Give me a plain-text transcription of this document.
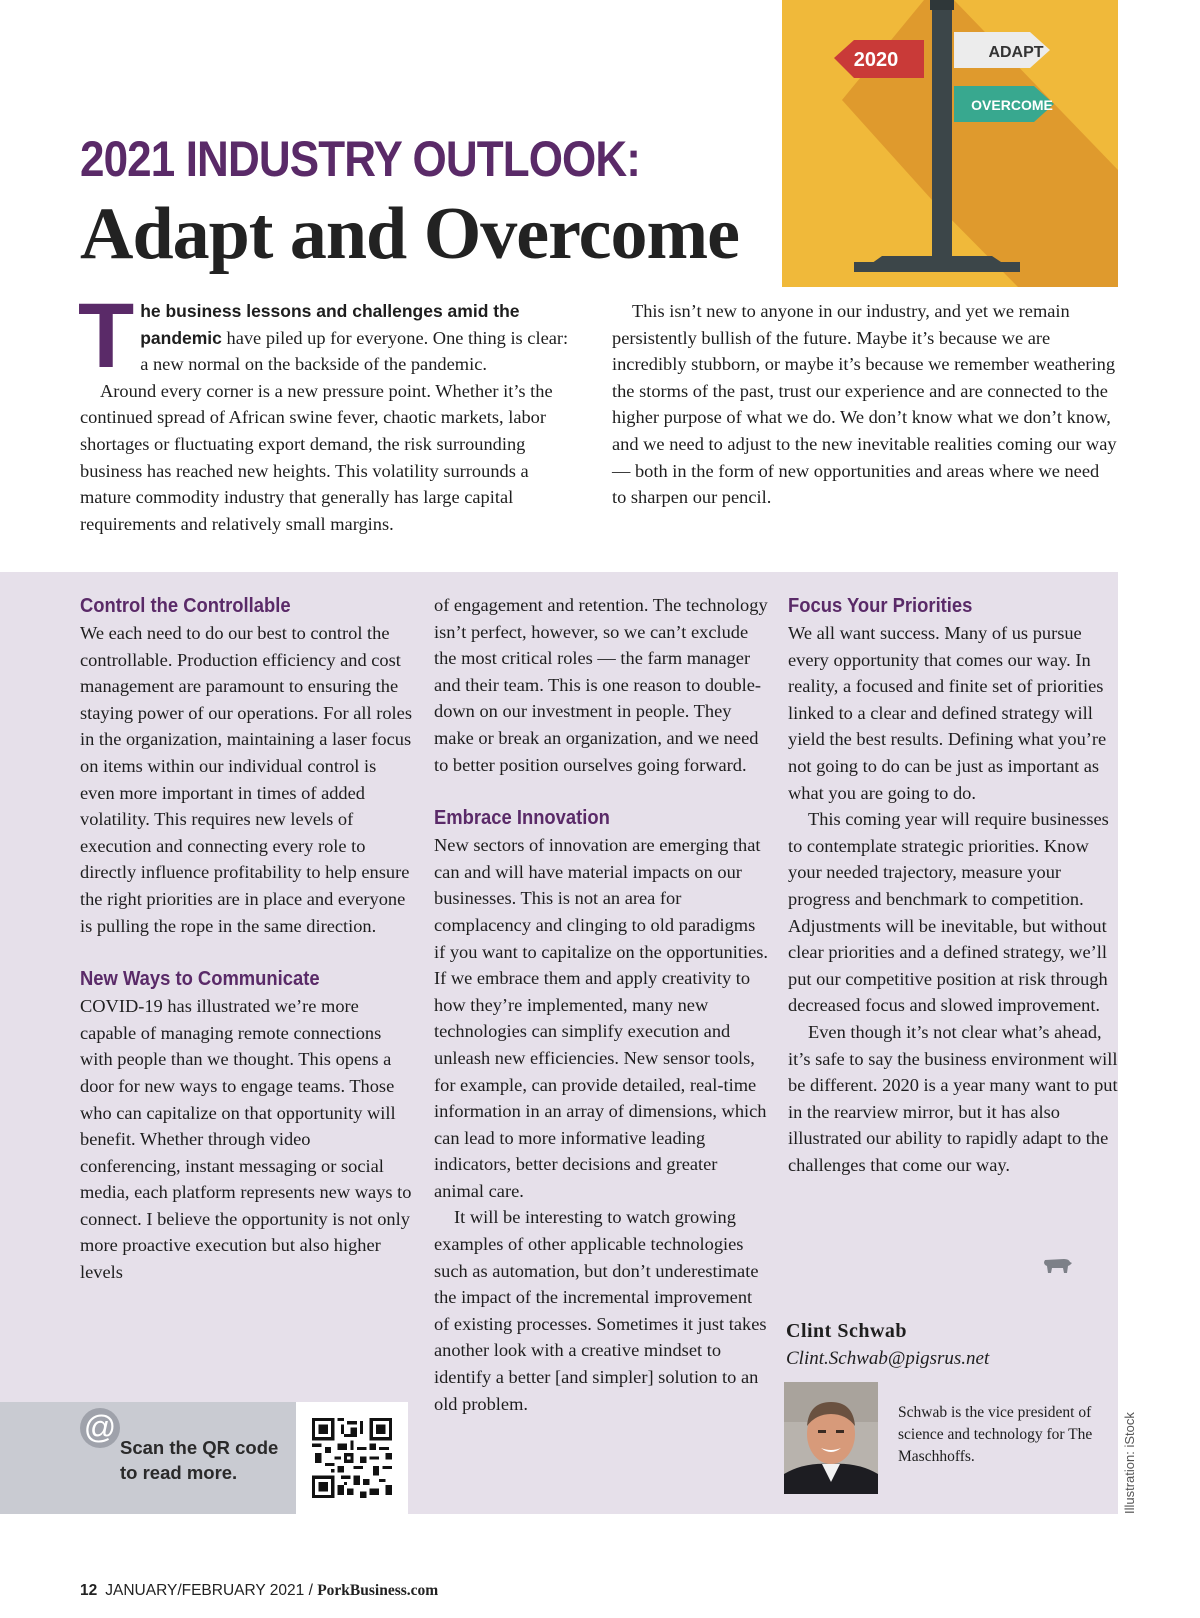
2021 INDUSTRY OUTLOOK:
Adapt and Overcome
2020	ADAPT
OVERCOME
T he business lessons and challenges amid the pandemic have piled up for everyone. One thing is clear: a new normal on the backside of the pandemic.

Around every corner is a new pressure point. Whether it’s the continued spread of African swine fever, chaotic markets, labor shortages or fluctuating export demand, the risk surrounding business has reached new heights. This volatility surrounds a mature commodity industry that generally has large capital requirements and relatively small margins.

This isn’t new to anyone in our industry, and yet we remain persistently bullish of the future. Maybe it’s because we are incredibly stubborn, or maybe it’s because we remember weathering the storms of the past, trust our experience and are connected to the higher purpose of what we do. We don’t know what we don’t know, and we need to adjust to the new inevitable realities coming our way — both in the form of new opportunities and areas where we need to sharpen our pencil.

Control the Controllable

We each need to do our best to control the controllable. Production efficiency and cost management are paramount to ensuring the staying power of our operations. For all roles in the organization, maintaining a laser focus on items within our individual control is even more important in times of added volatility. This requires new levels of execution and connecting every role to directly influence profitability to help ensure the right priorities are in place and everyone is pulling the rope in the same direction.

New Ways to Communicate

COVID-19 has illustrated we’re more capable of managing remote connections with people than we thought. This opens a door for new ways to engage teams. Those who can capitalize on that opportunity will benefit. Whether through video conferencing, instant messaging or social media, each platform represents new ways to connect. I believe the opportunity is not only more proactive execution but also higher levels

of engagement and retention. The technology isn’t perfect, however, so we can’t exclude the most critical roles — the farm manager and their team. This is one reason to double-down on our investment in people. They make or break an organization, and we need to better position ourselves going forward.

Embrace Innovation

New sectors of innovation are emerging that can and will have material impacts on our businesses. This is not an area for complacency and clinging to old paradigms if you want to capitalize on the opportunities. If we embrace them and apply creativity to how they’re implemented, many new technologies can simplify execution and unleash new efficiencies. New sensor tools, for example, can provide detailed, real-time information in an array of dimensions, which can lead to more informative leading indicators, better decisions and greater animal care.

It will be interesting to watch growing examples of other applicable technologies such as automation, but don’t underestimate the impact of the incremental improvement of existing processes. Sometimes it just takes another look with a creative mindset to identify a better [and simpler] solution to an old problem.

Focus Your Priorities

We all want success. Many of us pursue every opportunity that comes our way. In reality, a focused and finite set of priorities linked to a clear and defined strategy will yield the best results. Defining what you’re not going to do can be just as important as what you are going to do.

This coming year will require businesses to contemplate strategic priorities. Know your needed trajectory, measure your progress and benchmark to competition. Adjustments will be inevitable, but without clear priorities and a defined strategy, we’ll put our competitive position at risk through decreased focus and slowed improvement.

Even though it’s not clear what’s ahead, it’s safe to say the business environment will be different. 2020 is a year many want to put in the rearview mirror, but it has also illustrated our ability to rapidly adapt to the challenges that come our way.

@
Scan the QR code
to read more.
Clint Schwab
Clint.Schwab@pigsrus.net
Schwab is the vice president of science and technology for The Maschhoffs.	Illustration: iStock
12 JANUARY/FEBRUARY 2021 / PorkBusiness.com
